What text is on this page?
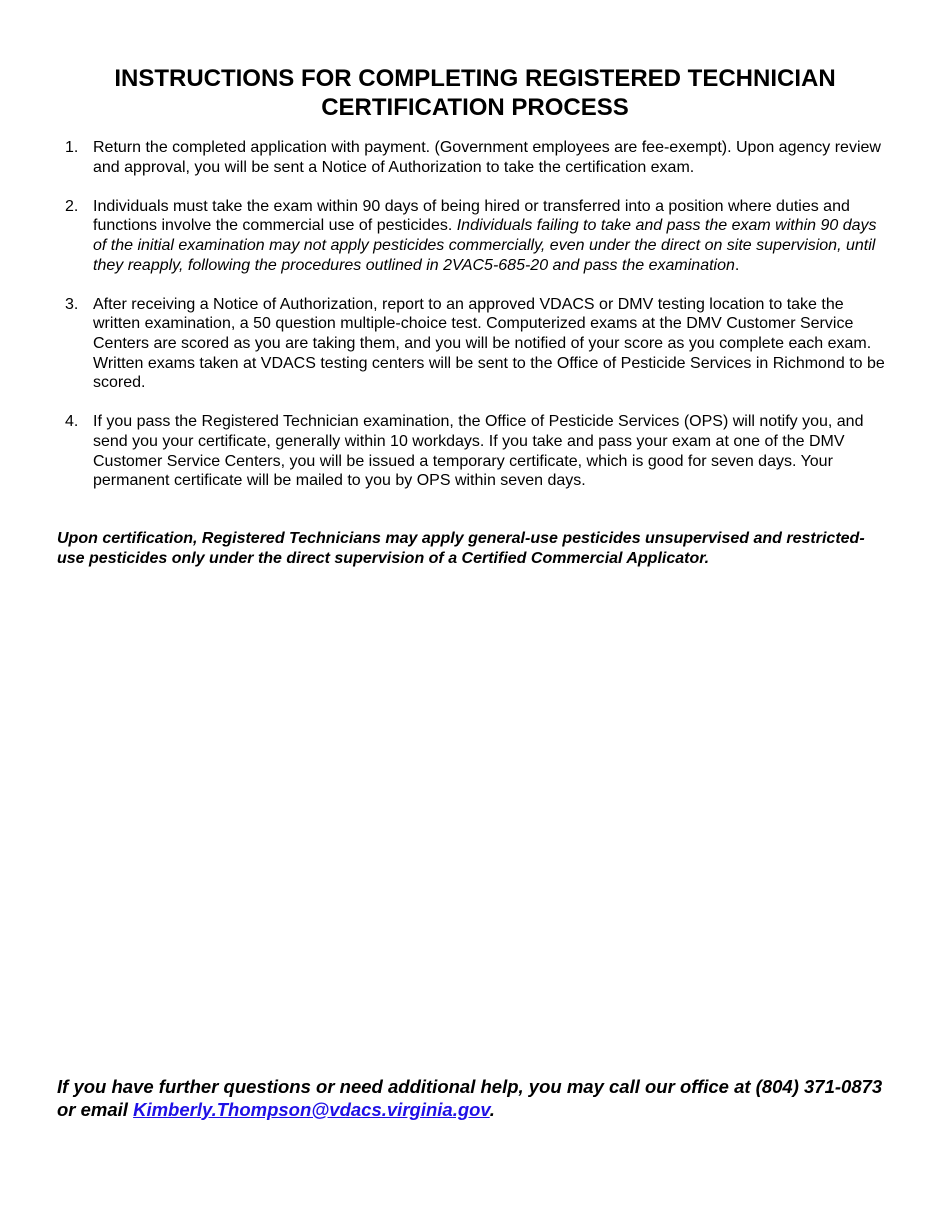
INSTRUCTIONS FOR COMPLETING REGISTERED TECHNICIAN
CERTIFICATION PROCESS
1. Return the completed application with payment. (Government employees are fee-exempt). Upon agency review and approval, you will be sent a Notice of Authorization to take the certification exam.
2. Individuals must take the exam within 90 days of being hired or transferred into a position where duties and functions involve the commercial use of pesticides. Individuals failing to take and pass the exam within 90 days of the initial examination may not apply pesticides commercially, even under the direct on site supervision, until they reapply, following the procedures outlined in 2VAC5-685-20 and pass the examination.
3. After receiving a Notice of Authorization, report to an approved VDACS or DMV testing location to take the written examination, a 50 question multiple-choice test. Computerized exams at the DMV Customer Service Centers are scored as you are taking them, and you will be notified of your score as you complete each exam. Written exams taken at VDACS testing centers will be sent to the Office of Pesticide Services in Richmond to be scored.
4. If you pass the Registered Technician examination, the Office of Pesticide Services (OPS) will notify you, and send you your certificate, generally within 10 workdays. If you take and pass your exam at one of the DMV Customer Service Centers, you will be issued a temporary certificate, which is good for seven days. Your permanent certificate will be mailed to you by OPS within seven days.

Upon certification, Registered Technicians may apply general-use pesticides unsupervised and restricted-use pesticides only under the direct supervision of a Certified Commercial Applicator.

If you have further questions or need additional help, you may call our office at (804) 371-0873
or email Kimberly.Thompson@vdacs.virginia.gov.
